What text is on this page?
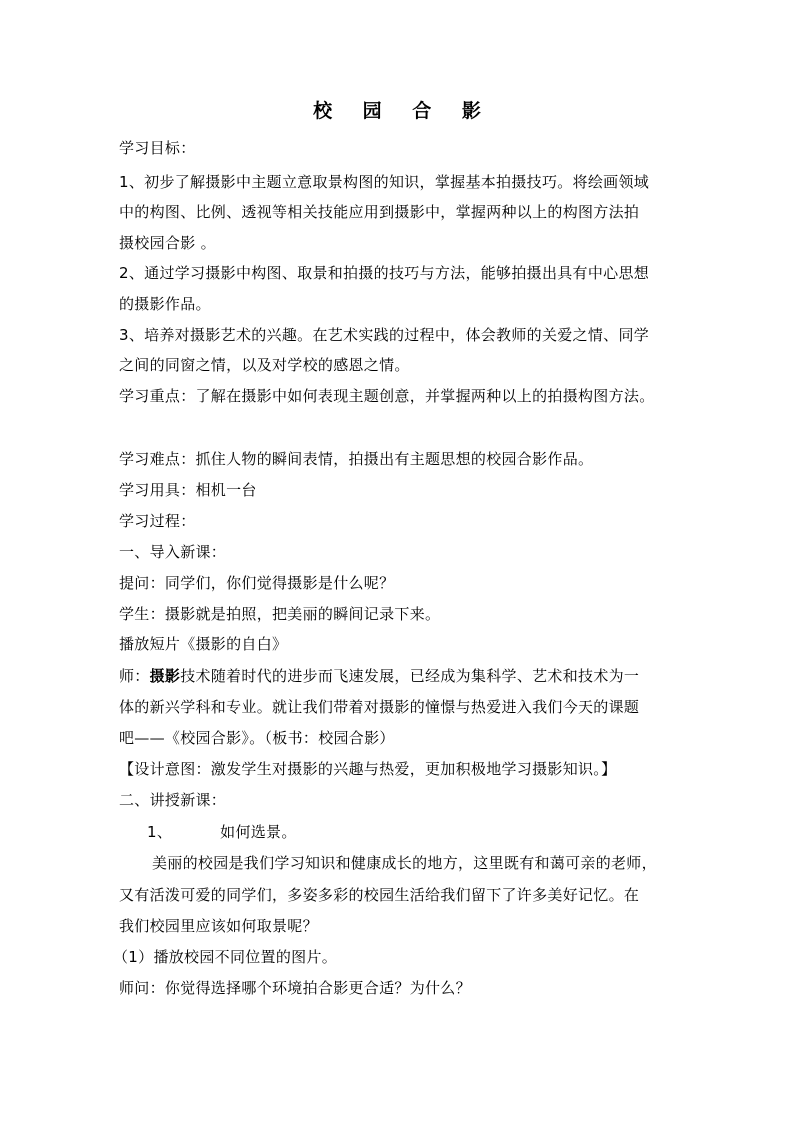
校 园 合 影
学习目标：
1、初步了解摄影中主题立意取景构图的知识，掌握基本拍摄技巧。将绘画领域
中的构图、比例、透视等相关技能应用到摄影中，掌握两种以上的构图方法拍
摄校园合影 。
2、通过学习摄影中构图、取景和拍摄的技巧与方法，能够拍摄出具有中心思想
的摄影作品。
3、培养对摄影艺术的兴趣。在艺术实践的过程中，体会教师的关爱之情、同学
之间的同窗之情，以及对学校的感恩之情。
学习重点：了解在摄影中如何表现主题创意，并掌握两种以上的拍摄构图方法。
学习难点：抓住人物的瞬间表情，拍摄出有主题思想的校园合影作品。
学习用具：相机一台
学习过程：
一、导入新课：
提问：同学们，你们觉得摄影是什么呢？
学生：摄影就是拍照，把美丽的瞬间记录下来。
播放短片《摄影的自白》
师：摄影技术随着时代的进步而飞速发展，已经成为集科学、艺术和技术为一
体的新兴学科和专业。就让我们带着对摄影的憧憬与热爱进入我们今天的课题
吧——《校园合影》。（板书：校园合影）
【设计意图：激发学生对摄影的兴趣与热爱，更加积极地学习摄影知识。】
二、讲授新课：
1、	如何选景。
美丽的校园是我们学习知识和健康成长的地方，这里既有和蔼可亲的老师，
又有活泼可爱的同学们，多姿多彩的校园生活给我们留下了许多美好记忆。在
我们校园里应该如何取景呢？
（1）播放校园不同位置的图片。
师问：你觉得选择哪个环境拍合影更合适？为什么？
